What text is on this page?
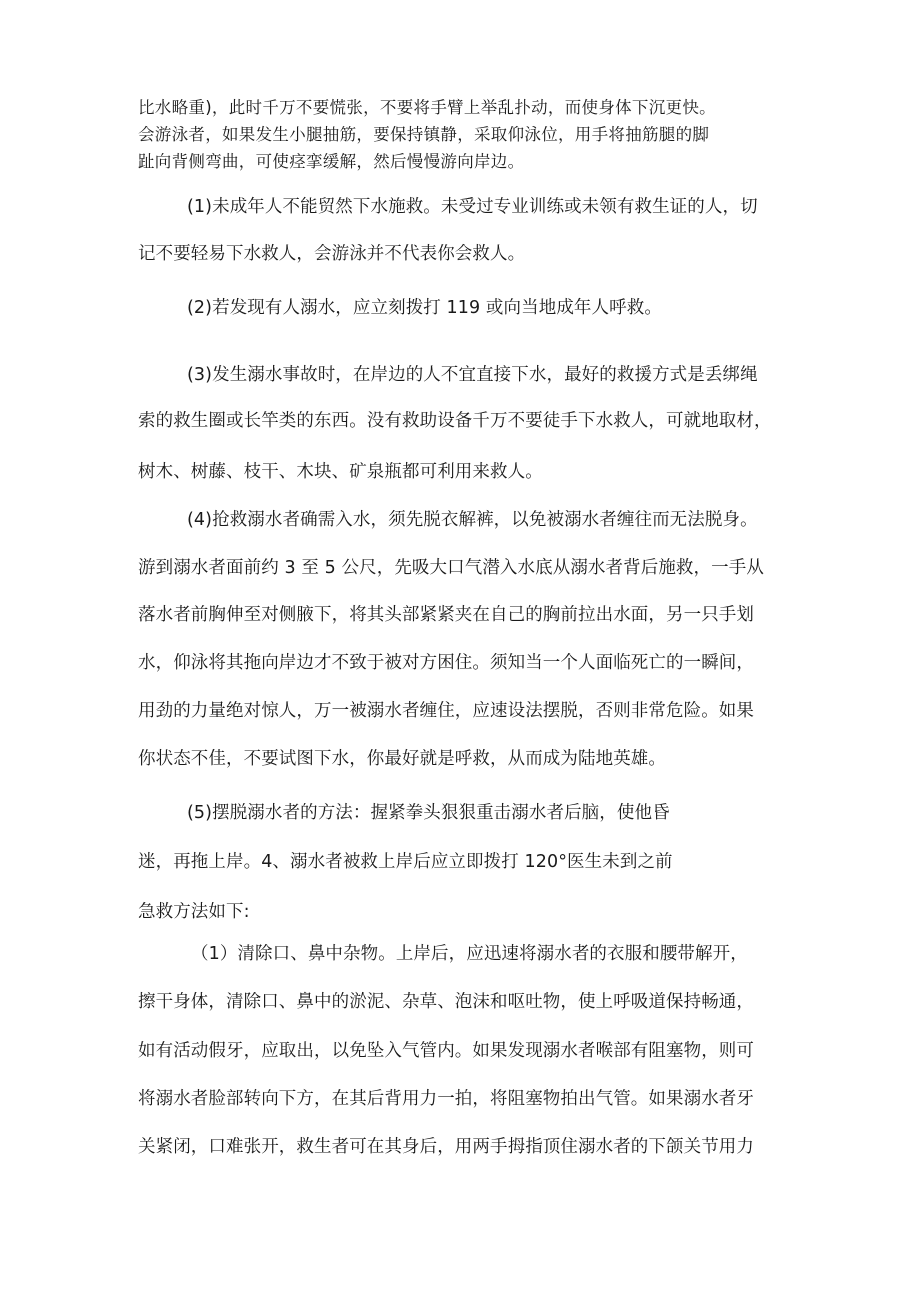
比水略重)，此时千万不要慌张，不要将手臂上举乱扑动，而使身体下沉更快。
会游泳者，如果发生小腿抽筋，要保持镇静，采取仰泳位，用手将抽筋腿的脚
趾向背侧弯曲，可使痉挛缓解，然后慢慢游向岸边。
(1)未成年人不能贸然下水施救。未受过专业训练或未领有救生证的人，切
记不要轻易下水救人，会游泳并不代表你会救人。
(2)若发现有人溺水，应立刻拨打 119 或向当地成年人呼救。
(3)发生溺水事故时，在岸边的人不宜直接下水，最好的救援方式是丢绑绳
索的救生圈或长竿类的东西。没有救助设备千万不要徒手下水救人，可就地取材，
树木、树藤、枝干、木块、矿泉瓶都可利用来救人。
(4)抢救溺水者确需入水，须先脱衣解裤，以免被溺水者缠往而无法脱身。
游到溺水者面前约 3 至 5 公尺，先吸大口气潜入水底从溺水者背后施救，一手从
落水者前胸伸至对侧腋下，将其头部紧紧夹在自己的胸前拉出水面，另一只手划
水，仰泳将其拖向岸边才不致于被对方困住。须知当一个人面临死亡的一瞬间，
用劲的力量绝对惊人，万一被溺水者缠住，应速设法摆脱，否则非常危险。如果
你状态不佳，不要试图下水，你最好就是呼救，从而成为陆地英雄。
(5)摆脱溺水者的方法：握紧拳头狠狠重击溺水者后脑，使他昏
迷，再拖上岸。4、溺水者被救上岸后应立即拨打 120°医生未到之前
急救方法如下:
（1）清除口、鼻中杂物。上岸后，应迅速将溺水者的衣服和腰带解开，
擦干身体，清除口、鼻中的淤泥、杂草、泡沫和呕吐物，使上呼吸道保持畅通，
如有活动假牙，应取出，以免坠入气管内。如果发现溺水者喉部有阻塞物，则可
将溺水者脸部转向下方，在其后背用力一拍，将阻塞物拍出气管。如果溺水者牙
关紧闭，口难张开，救生者可在其身后，用两手拇指顶住溺水者的下颌关节用力
